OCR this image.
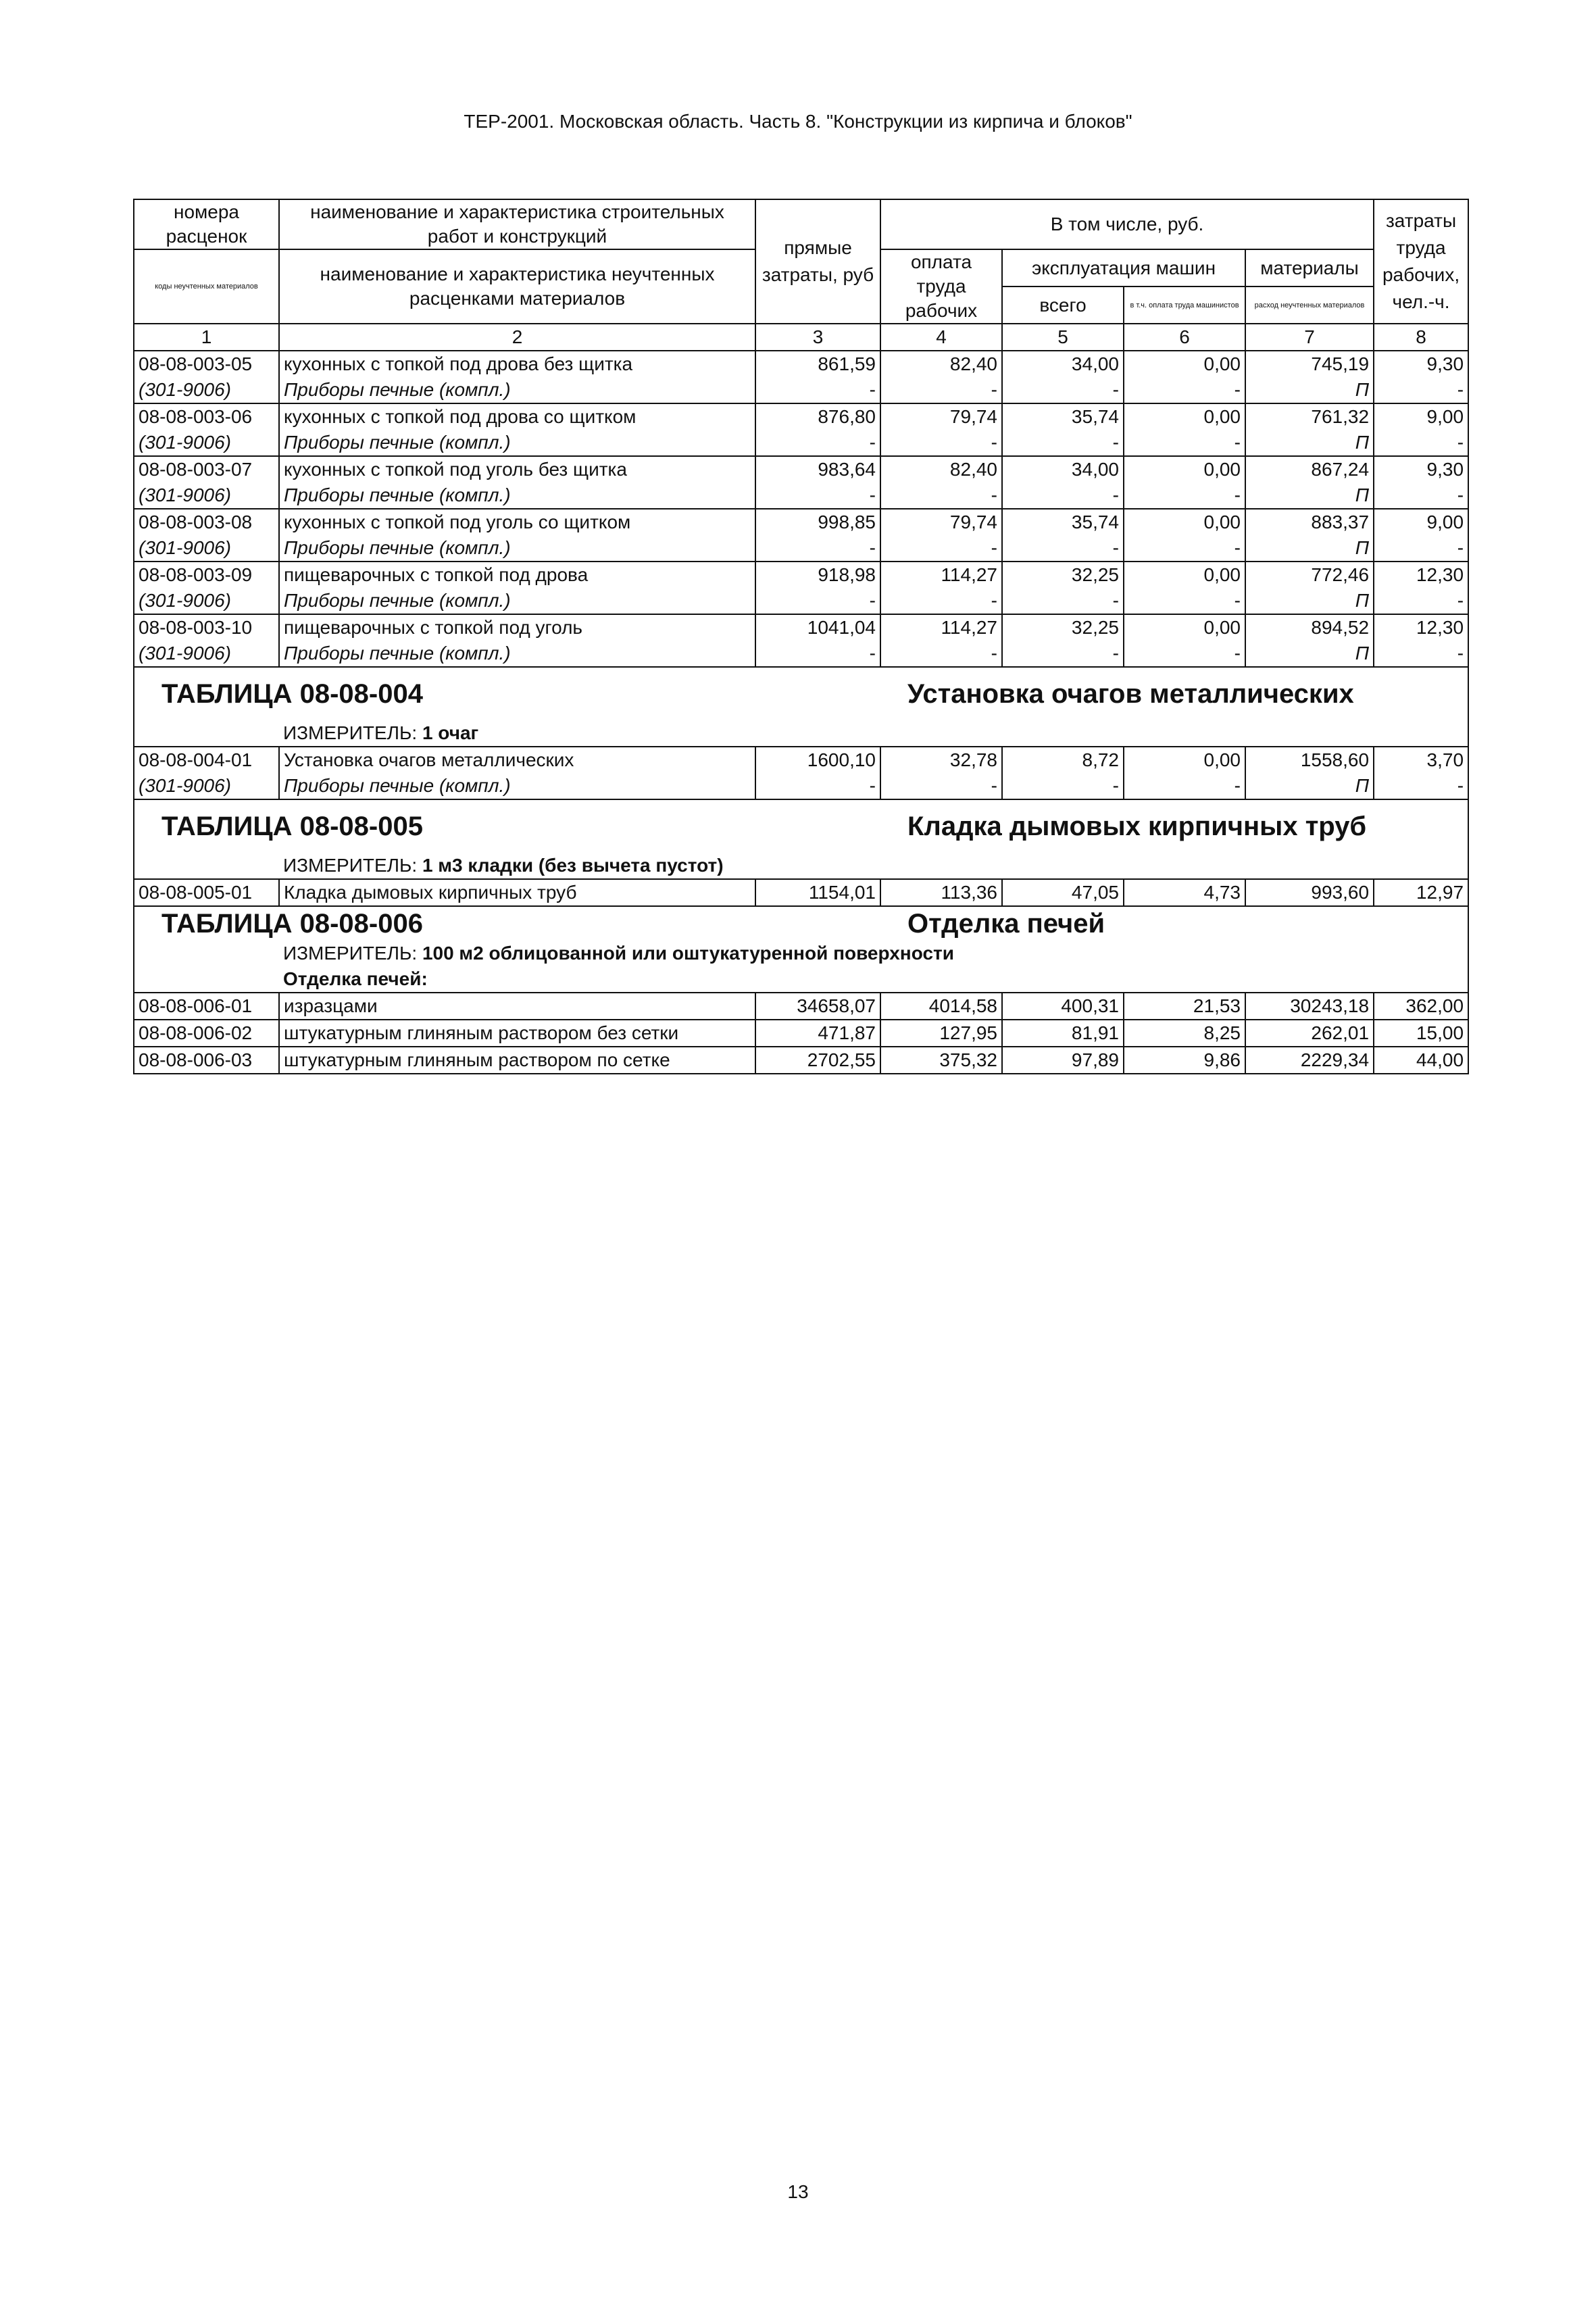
ТЕР-2001. Московская область. Часть 8. "Конструкции из кирпича и блоков"
номера расценок	наименование и характеристика строительных работ и конструкций	прямые затраты, руб	В том числе, руб.				затраты труда рабочих, чел.-ч.
коды неучтенных материалов	наименование и характеристика неучтенных расценками материалов		оплата труда рабочих	эксплуатация машин		материалы	
				всего	в т.ч. оплата труда машинистов	расход неучтенных материалов	
1	2	3	4	5	6	7	8
08-08-003-05	кухонных с топкой под дрова без щитка	861,59	82,40	34,00	0,00	745,19	9,30
(301-9006)	Приборы печные (компл.)	-	-	-	-	П	-
08-08-003-06	кухонных с топкой под дрова со щитком	876,80	79,74	35,74	0,00	761,32	9,00
(301-9006)	Приборы печные (компл.)	-	-	-	-	П	-
08-08-003-07	кухонных с топкой под уголь без щитка	983,64	82,40	34,00	0,00	867,24	9,30
(301-9006)	Приборы печные (компл.)	-	-	-	-	П	-
08-08-003-08	кухонных с топкой под уголь со щитком	998,85	79,74	35,74	0,00	883,37	9,00
(301-9006)	Приборы печные (компл.)	-	-	-	-	П	-
08-08-003-09	пищеварочных с топкой под дрова	918,98	114,27	32,25	0,00	772,46	12,30
(301-9006)	Приборы печные (компл.)	-	-	-	-	П	-
08-08-003-10	пищеварочных с топкой под уголь	1041,04	114,27	32,25	0,00	894,52	12,30
(301-9006)	Приборы печные (компл.)	-	-	-	-	П	-
ТАБЛИЦА 08-08-004			Установка очагов металлических				
	ИЗМЕРИТЕЛЬ: 1 очаг						
08-08-004-01	Установка очагов металлических	1600,10	32,78	8,72	0,00	1558,60	3,70
(301-9006)	Приборы печные (компл.)	-	-	-	-	П	-
ТАБЛИЦА 08-08-005			Кладка дымовых кирпичных труб				
	ИЗМЕРИТЕЛЬ: 1 м3 кладки (без вычета пустот)						
08-08-005-01	Кладка дымовых кирпичных труб	1154,01	113,36	47,05	4,73	993,60	12,97
ТАБЛИЦА 08-08-006			Отделка печей				
	ИЗМЕРИТЕЛЬ: 100 м2 облицованной или оштукатуренной поверхности						
	Отделка печей:						
08-08-006-01	изразцами	34658,07	4014,58	400,31	21,53	30243,18	362,00
08-08-006-02	штукатурным глиняным раствором без сетки	471,87	127,95	81,91	8,25	262,01	15,00
08-08-006-03	штукатурным глиняным раствором по сетке	2702,55	375,32	97,89	9,86	2229,34	44,00
13
